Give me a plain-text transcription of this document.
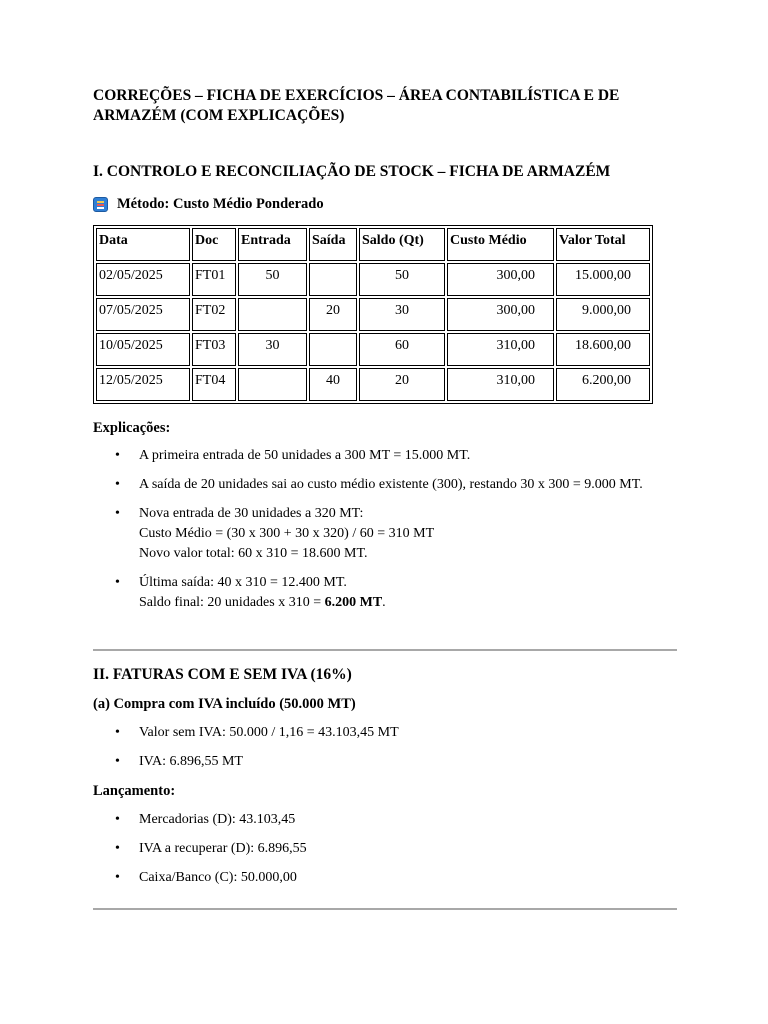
CORREÇÕES – FICHA DE EXERCÍCIOS – ÁREA CONTABILÍSTICA E DE ARMAZÉM (COM EXPLICAÇÕES)

I. CONTROLO E RECONCILIAÇÃO DE STOCK – FICHA DE ARMAZÉM

Método: Custo Médio Ponderado
Data	Doc	Entrada	Saída	Saldo (Qt)	Custo Médio	Valor Total
02/05/2025	FT01	50		50	300,00	15.000,00
07/05/2025	FT02		20	30	300,00	9.000,00
10/05/2025	FT03	30		60	310,00	18.600,00
12/05/2025	FT04		40	20	310,00	6.200,00
Explicações:
• A primeira entrada de 50 unidades a 300 MT = 15.000 MT.
• A saída de 20 unidades sai ao custo médio existente (300), restando 30 x 300 = 9.000 MT.
• Nova entrada de 30 unidades a 320 MT:
Custo Médio = (30 x 300 + 30 x 320) / 60 = 310 MT
Novo valor total: 60 x 310 = 18.600 MT.
• Última saída: 40 x 310 = 12.400 MT.
Saldo final: 20 unidades x 310 = 6.200 MT.

II. FATURAS COM E SEM IVA (16%)

(a) Compra com IVA incluído (50.000 MT)
• Valor sem IVA: 50.000 / 1,16 = 43.103,45 MT
• IVA: 6.896,55 MT
Lançamento:
• Mercadorias (D): 43.103,45
• IVA a recuperar (D): 6.896,55
• Caixa/Banco (C): 50.000,00
